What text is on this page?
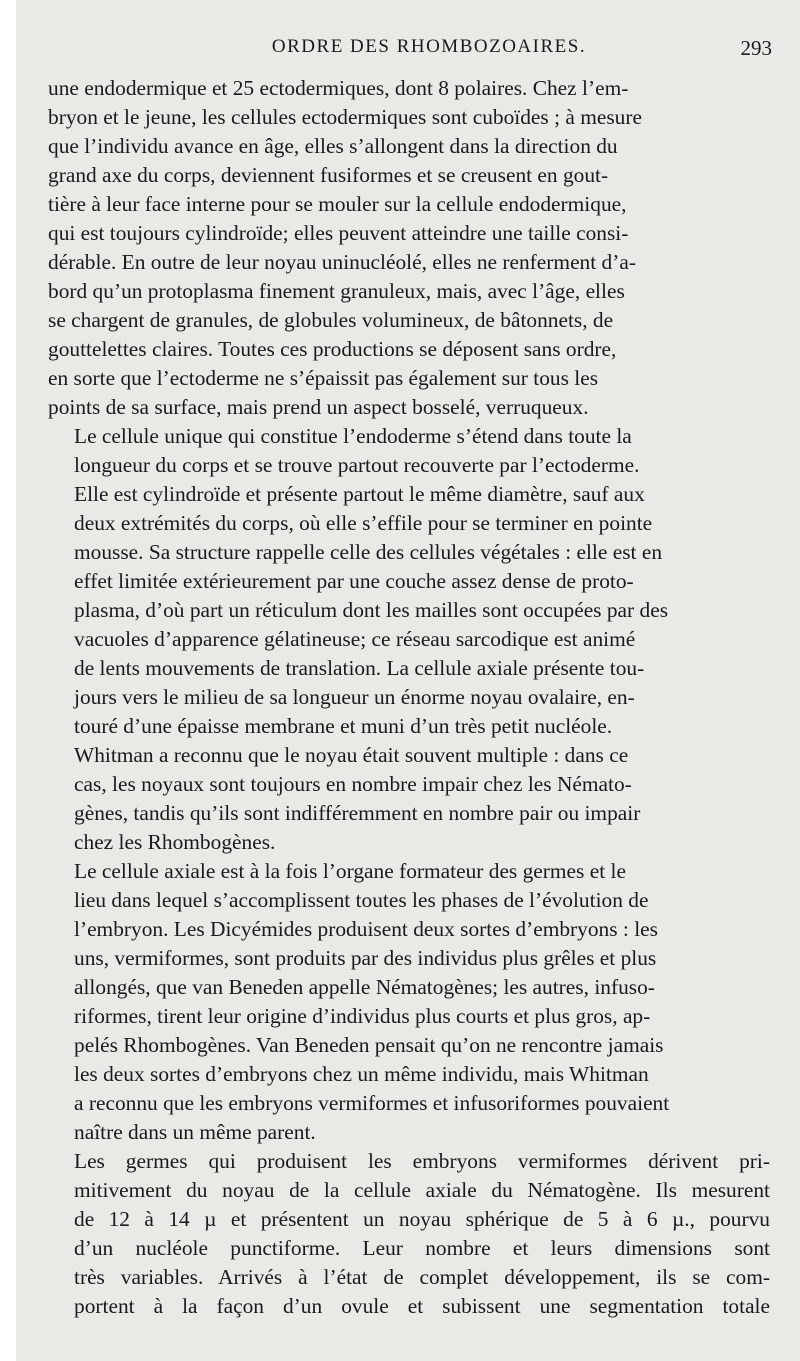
ORDRE DES RHOMBOZOAIRES.	293
une endodermique et 25 ectodermiques, dont 8 polaires. Chez l’em-
bryon et le jeune, les cellules ectodermiques sont cuboïdes ; à mesure
que l’individu avance en âge, elles s’allongent dans la direction du
grand axe du corps, deviennent fusiformes et se creusent en gout-
tière à leur face interne pour se mouler sur la cellule endodermique,
qui est toujours cylindroïde; elles peuvent atteindre une taille consi-
dérable. En outre de leur noyau uninucléolé, elles ne renferment d’a-
bord qu’un protoplasma finement granuleux, mais, avec l’âge, elles
se chargent de granules, de globules volumineux, de bâtonnets, de
gouttelettes claires. Toutes ces productions se déposent sans ordre,
en sorte que l’ectoderme ne s’épaissit pas également sur tous les
points de sa surface, mais prend un aspect bosselé, verruqueux.
Le cellule unique qui constitue l’endoderme s’étend dans toute la
longueur du corps et se trouve partout recouverte par l’ectoderme.
Elle est cylindroïde et présente partout le même diamètre, sauf aux
deux extrémités du corps, où elle s’effile pour se terminer en pointe
mousse. Sa structure rappelle celle des cellules végétales : elle est en
effet limitée extérieurement par une couche assez dense de proto-
plasma, d’où part un réticulum dont les mailles sont occupées par des
vacuoles d’apparence gélatineuse; ce réseau sarcodique est animé
de lents mouvements de translation. La cellule axiale présente tou-
jours vers le milieu de sa longueur un énorme noyau ovalaire, en-
touré d’une épaisse membrane et muni d’un très petit nucléole.
Whitman a reconnu que le noyau était souvent multiple : dans ce
cas, les noyaux sont toujours en nombre impair chez les Némato-
gènes, tandis qu’ils sont indifféremment en nombre pair ou impair
chez les Rhombogènes.
Le cellule axiale est à la fois l’organe formateur des germes et le
lieu dans lequel s’accomplissent toutes les phases de l’évolution de
l’embryon. Les Dicyémides produisent deux sortes d’embryons : les
uns, vermiformes, sont produits par des individus plus grêles et plus
allongés, que van Beneden appelle Nématogènes; les autres, infuso-
riformes, tirent leur origine d’individus plus courts et plus gros, ap-
pelés Rhombogènes. Van Beneden pensait qu’on ne rencontre jamais
les deux sortes d’embryons chez un même individu, mais Whitman
a reconnu que les embryons vermiformes et infusoriformes pouvaient
naître dans un même parent.
Les germes qui produisent les embryons vermiformes dérivent pri-
mitivement du noyau de la cellule axiale du Nématogène. Ils mesurent
de 12 à 14 µ et présentent un noyau sphérique de 5 à 6 µ., pourvu
d’un nucléole punctiforme. Leur nombre et leurs dimensions sont
très variables. Arrivés à l’état de complet développement, ils se com-
portent à la façon d’un ovule et subissent une segmentation totale
